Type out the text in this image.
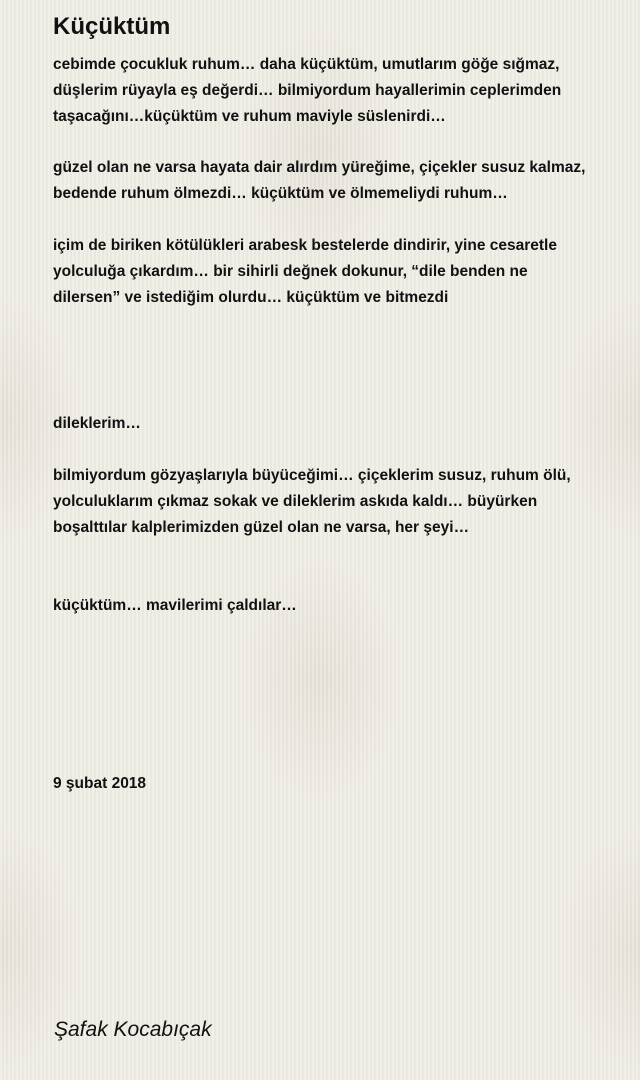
Küçüktüm

cebimde çocukluk ruhum… daha küçüktüm, umutlarım göğe sığmaz, düşlerim rüyayla eş değerdi… bilmiyordum hayallerimin ceplerimden taşacağını…küçüktüm ve ruhum maviyle süslenirdi…

güzel olan ne varsa hayata dair alırdım yüreğime, çiçekler susuz kalmaz, bedende ruhum ölmezdi… küçüktüm ve ölmemeliydi ruhum…

içim de biriken kötülükleri arabesk bestelerde dindirir, yine cesaretle yolculuğa çıkardım… bir sihirli değnek dokunur, “dile benden ne dilersen” ve istediğim olurdu… küçüktüm ve bitmezdi

dileklerim…

bilmiyordum gözyaşlarıyla büyüceğimi… çiçeklerim susuz, ruhum ölü, yolculuklarım çıkmaz sokak ve dileklerim askıda kaldı… büyürken boşalttılar kalplerimizden güzel olan ne varsa, her şeyi…

küçüktüm… mavilerimi çaldılar…

9 şubat 2018

Şafak Kocabıçak
